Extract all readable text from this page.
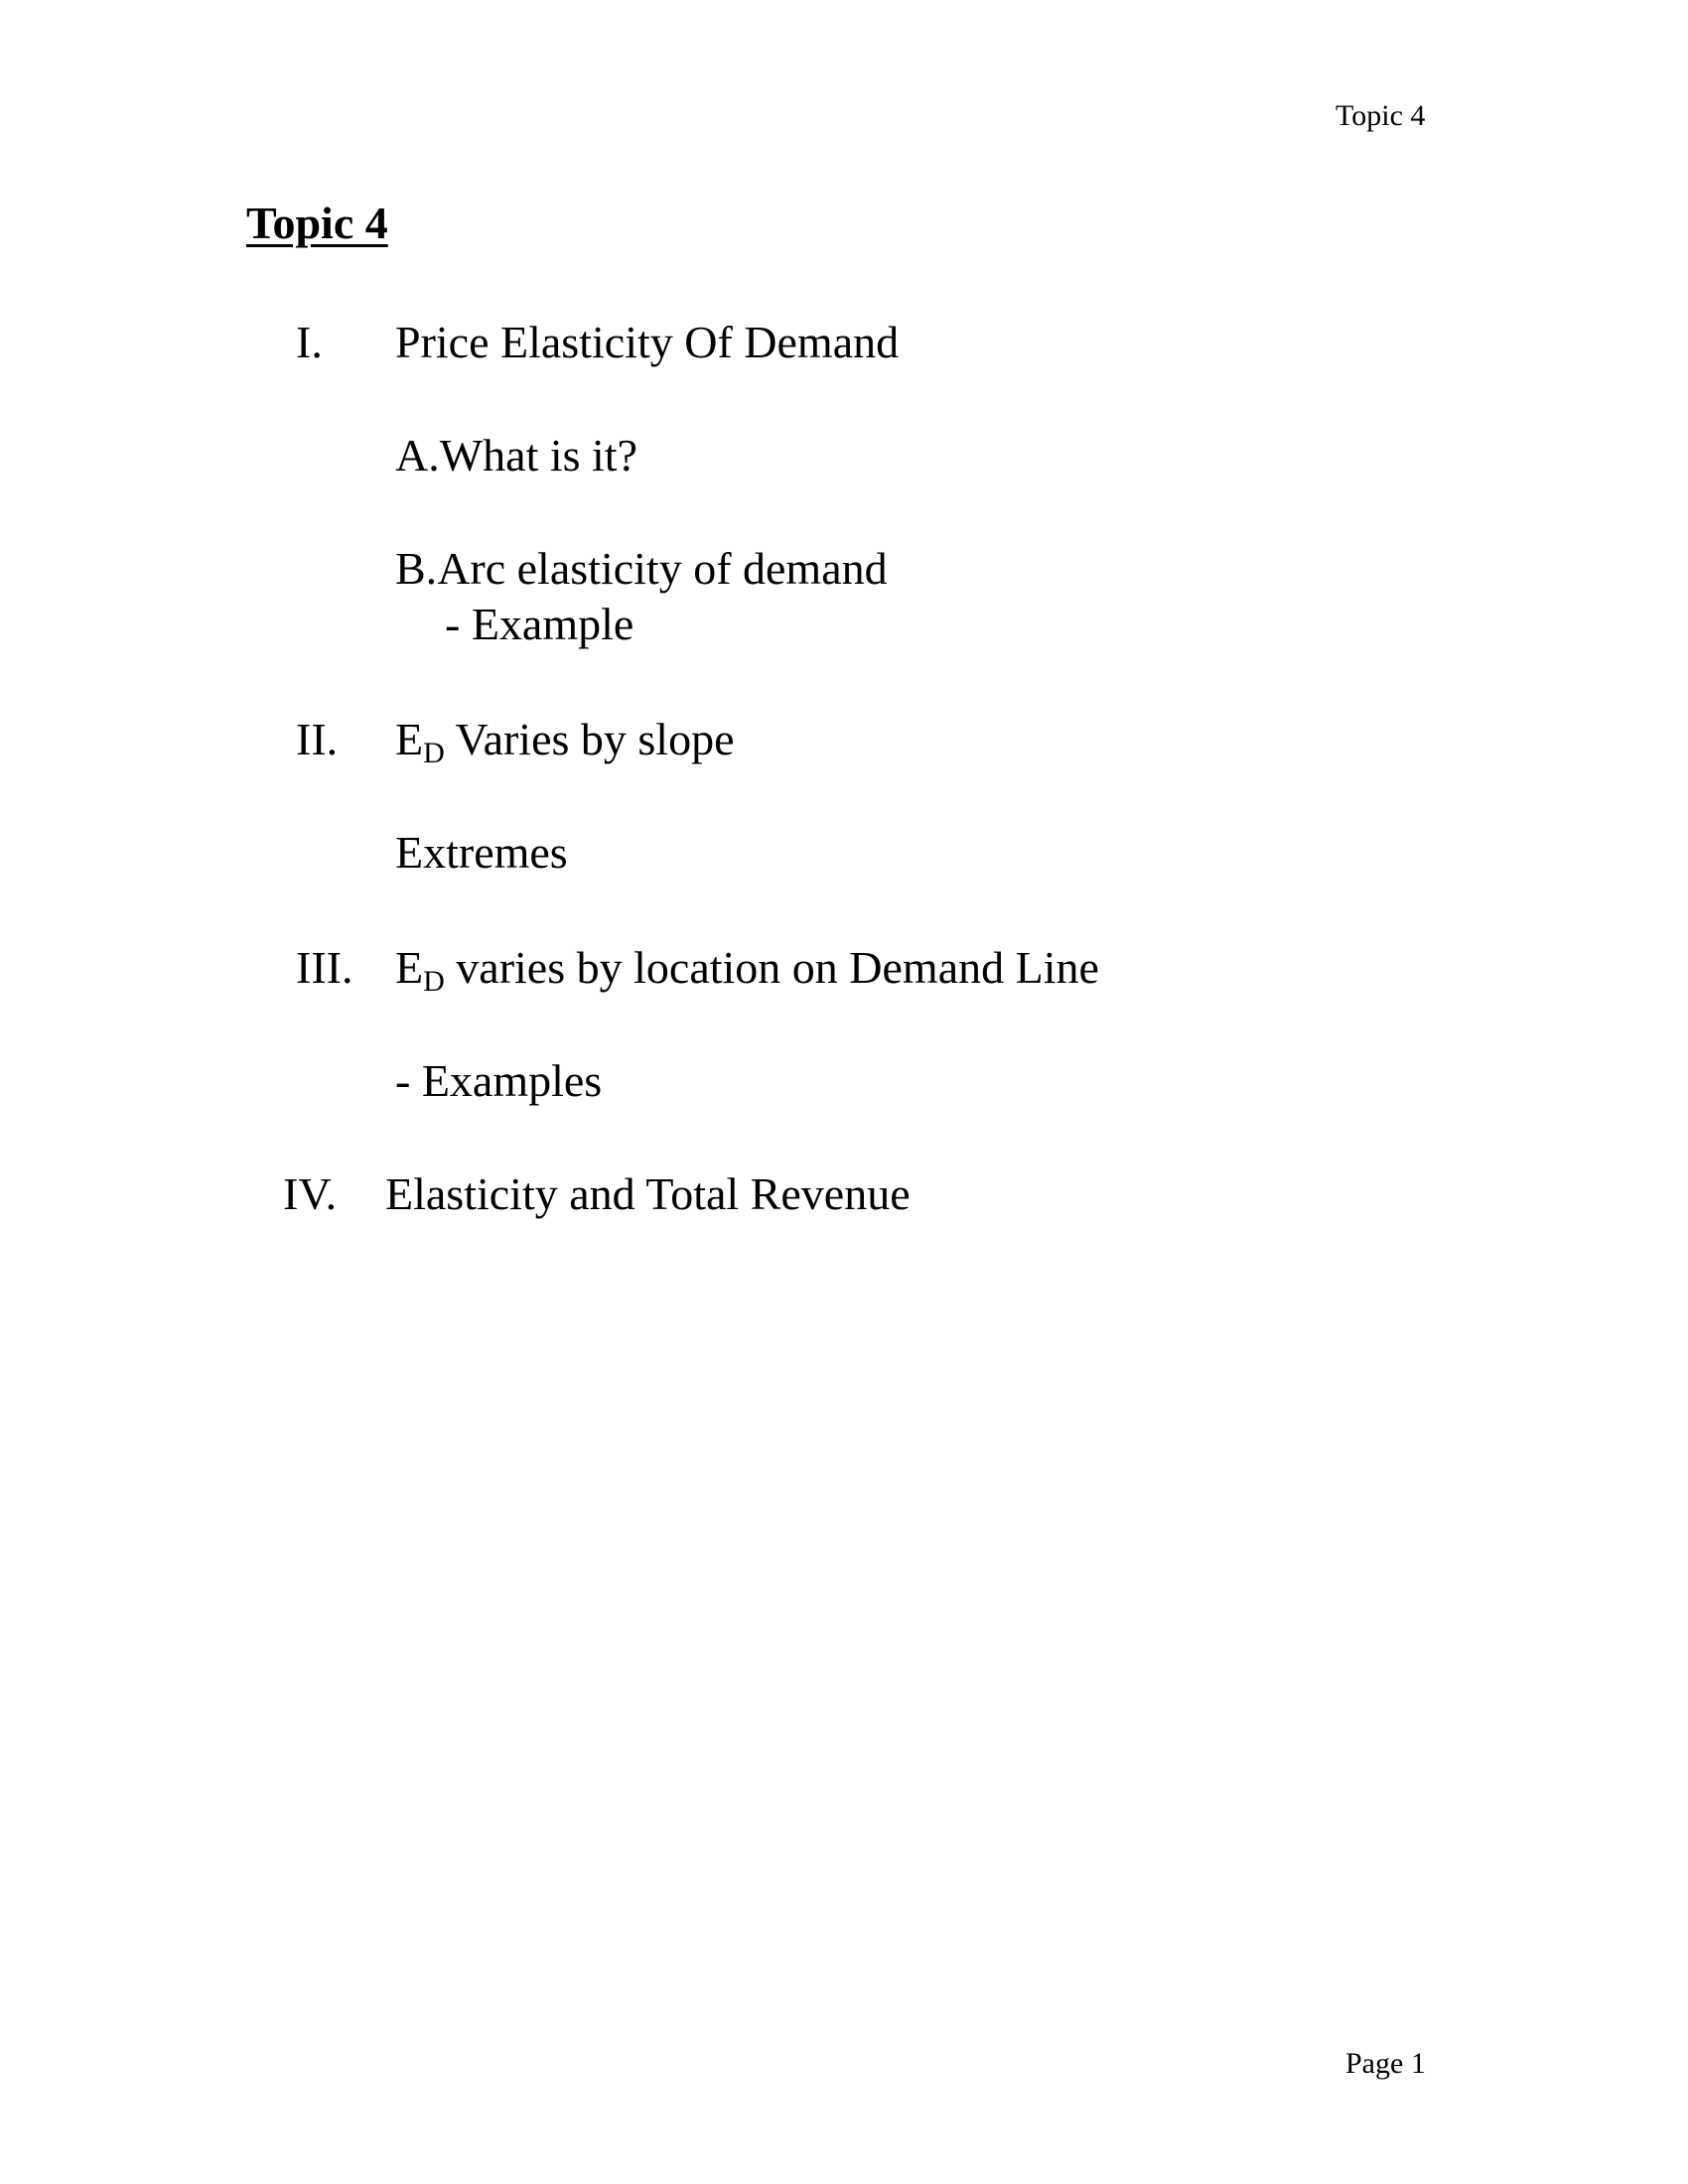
Topic 4
Topic 4
I. Price Elasticity Of Demand
A.What is it?
B.Arc elasticity of demand
- Example
II. $E_D$ Varies by slope
Extremes
III. $E_D$ varies by location on Demand Line
- Examples
IV. Elasticity and Total Revenue
Page 1
